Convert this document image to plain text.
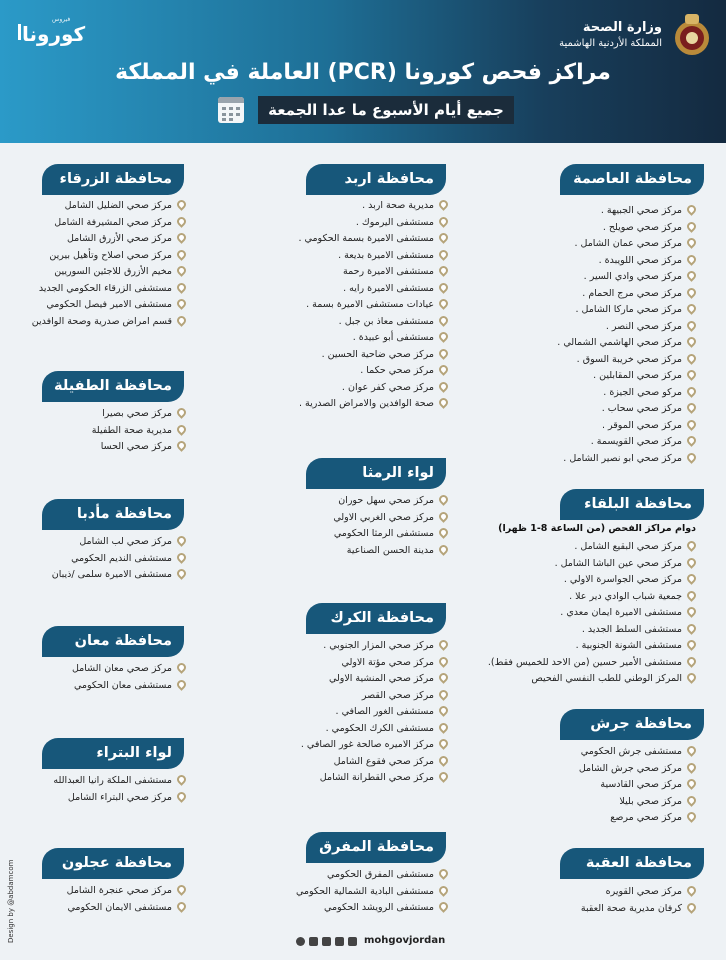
وزارة الصحة
المملكة الأردنية الهاشمية
فيروس
كورونا
مراكز فحص كورونا (PCR) العاملة في المملكة
جميع أيام الأسبوع ما عدا الجمعة
محافظة العاصمة
محافظة البلقاء
دوام مراكز الفحص (من الساعة 8-1 ظهرا)
محافظة جرش
محافظة العقبة
محافظة اربد
لواء الرمثا
محافظة الكرك
محافظة المفرق
محافظة الزرقاء
محافظة الطفيلة
محافظة مأدبا
محافظة معان
لواء البتراء
محافظة عجلون
مركز صحي الجبيهة .
مركز صحي صويلح .
مركز صحي عمان الشامل .
مركز صحي اللويبدة .
مركز صحي وادي السير .
مركز صحي مرج الحمام .
مركز صحي ماركا الشامل .
مركز صحي النصر .
مركز صحي الهاشمي الشمالي .
مركز صحي خريبة السوق .
مركز صحي المقابلين .
مركو صحي الجيزة .
مركز صحي سحاب .
مركز صحي الموقر .
مركز صحي القويسمة .
مركز صحي ابو نصير الشامل .
مركز صحي البقيع الشامل .
مركز صحي عين الباشا الشامل .
مركز صحي الجواسرة الاولي .
جمعية شباب الوادي دير علا .
مستشفى الاميرة ايمان معدي .
مستشفى السلط الجديد .
مستشفى الشونة الجنوبية .
مستشفى الأمير حسين (من الاحد للخميس فقط).
المركز الوطني للطب النفسي الفحيص
مستشفى جرش الحكومي
مركز صحي جرش الشامل
مركز صحي القادسية
مركز صحي بليلا
مركز صحي مرصع
مركز صحي القويره
كرفان مديرية صحة العقبة
مديرية صحة اربد .
مستشفى اليرموك .
مستشفى الاميرة بسمة الحكومي .
مستشفى الاميرة بديعة .
مستشفى الاميرة رحمة
مستشفى الاميرة رايه .
عيادات مستشفى الاميرة بسمة .
مستشفى معاذ بن جبل .
مستشفى أبو عبيدة .
مركز صحي ضاحية الحسين .
مركز صحي حكما .
مركز صحي كفر عوان .
صحة الوافدين والامراض الصدرية .
مركز صحي سهل حوران
مركز صحي الغربي الاولي
مستشفى الرمثا الحكومي
مدينة الحسن الصناعية
مركز صحي المزار الجنوبي .
مركز صحي مؤتة الاولي
مركز صحي المنشية الاولي
مركز صحي القصر
مستشفى الغور الصافي .
مستشفى الكرك الحكومي .
مركز الاميره صالحة غور الصافي .
مركز صحي فقوع الشامل
مركز صحي القطرانة الشامل
مستشفى المفرق الحكومي
مستشفى البادية الشمالية الحكومي
مستشفى الرويشد الحكومي
مركز صحي الضليل الشامل
مركز صحي المشيرفة الشامل
مركز صحي الأزرق الشامل
مركز صحي اصلاح وتأهيل بيرين
مخيم الأزرق للاجئين السوريين
مستشفى الزرقاء الحكومي الجديد
مستشفى الامير فيصل الحكومي
قسم امراض صدرية وصحة الوافدين
مركز صحي بصيرا
مديرية صحة الطفيلة
مركز صحي الحسا
مركز صحي لب الشامل
مستشفى النديم الحكومي
مستشفى الاميرة سلمى /ذيبان
مركز صحي معان الشامل
مستشفى معان الحكومي
مستشفى الملكة رانيا العبدالله
مركز صحي البتراء الشامل
مركز صحي عنجرة الشامل
مستشفى الايمان الحكومي
Design by @abdamcom	mohgovjordan
